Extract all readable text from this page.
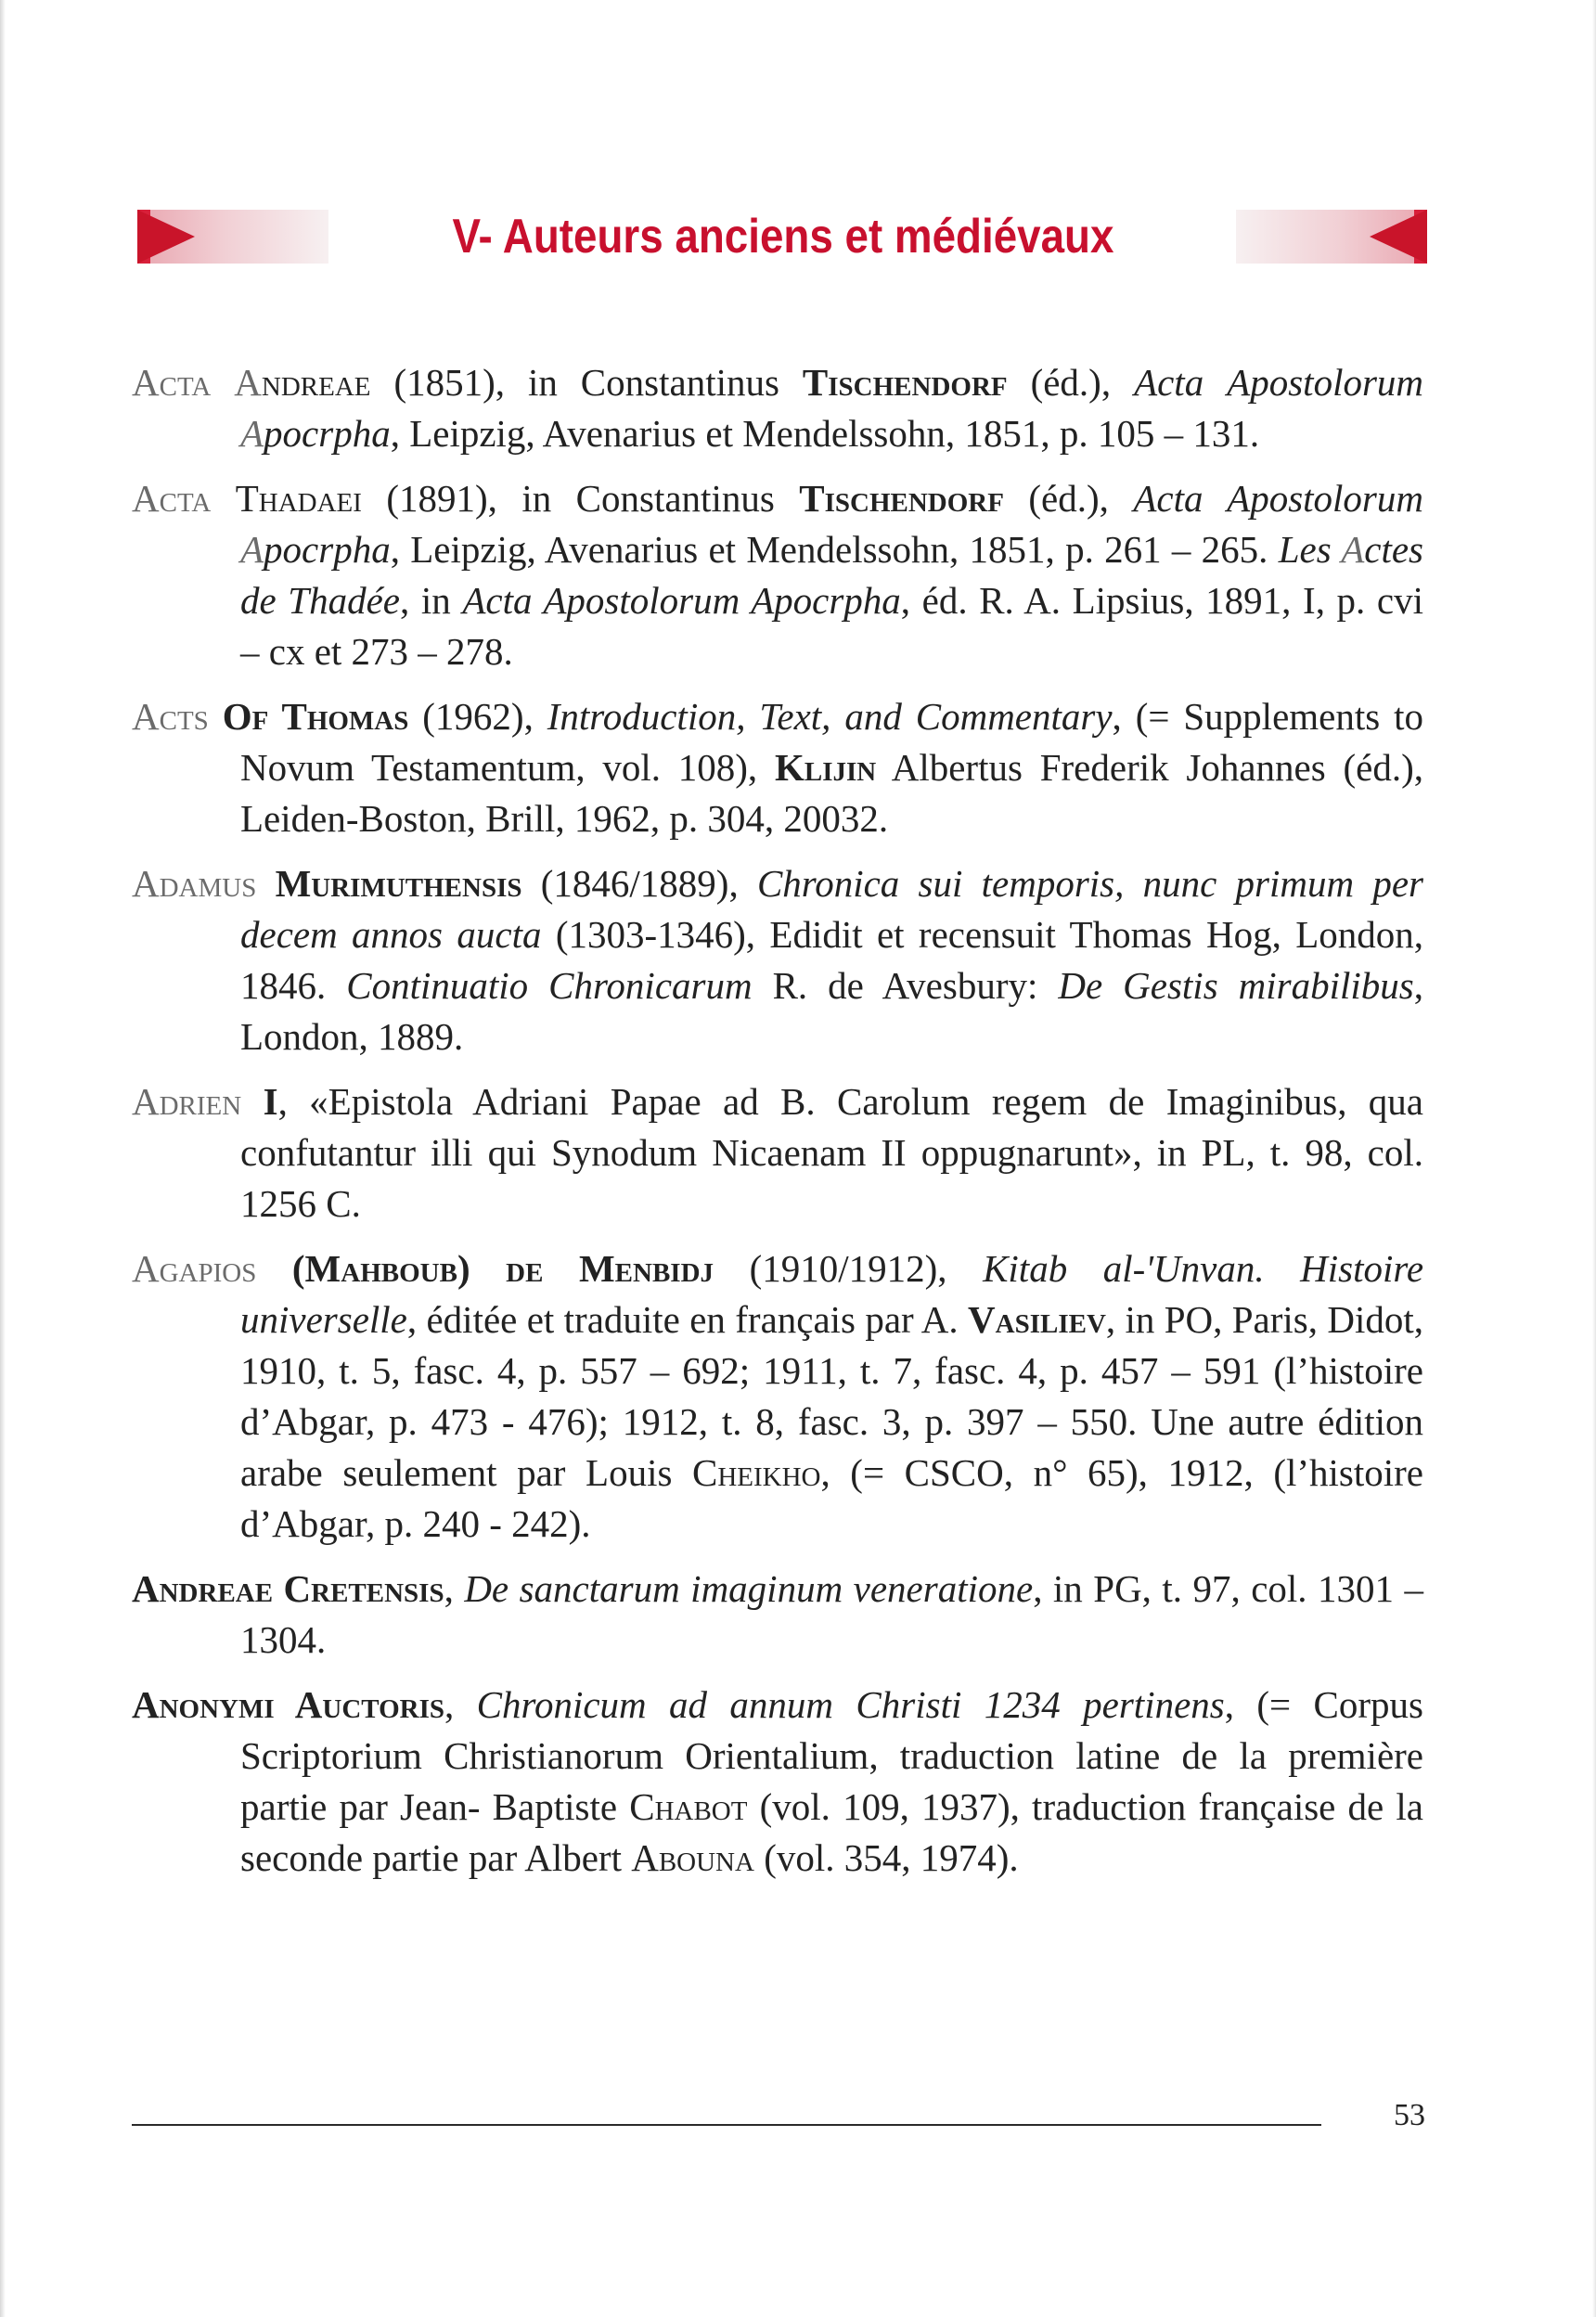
V- Auteurs anciens et médiévaux
Acta Andreae (1851), in Constantinus Tischendorf (éd.), Acta Apostolorum Apocrpha, Leipzig, Avenarius et Mendelssohn, 1851, p. 105 – 131.
Acta Thadaei (1891), in Constantinus Tischendorf (éd.), Acta Apostolorum Apocrpha, Leipzig, Avenarius et Mendelssohn, 1851, p. 261 – 265. Les Actes de Thadée, in Acta Apostolorum Apocrpha, éd. R. A. Lipsius, 1891, I, p. cvi – cx et 273 – 278.
Acts Of Thomas (1962), Introduction, Text, and Commentary, (= Supplements to Novum Testamentum, vol. 108), Klijin Albertus Frederik Johannes (éd.), Leiden-Boston, Brill, 1962, p. 304, 20032.
Adamus Murimuthensis (1846/1889), Chronica sui temporis, nunc primum per decem annos aucta (1303-1346), Edidit et recensuit Thomas Hog, London, 1846. Continuatio Chronicarum R. de Avesbury: De Gestis mirabilibus, London, 1889.
Adrien I, «Epistola Adriani Papae ad B. Carolum regem de Imaginibus, qua confutantur illi qui Synodum Nicaenam II oppugnarunt», in PL, t. 98, col. 1256 C.
Agapios (Mahboub) de Menbidj (1910/1912), Kitab al-'Unvan. Histoire universelle, éditée et traduite en français par A. Vasiliev, in PO, Paris, Didot, 1910, t. 5, fasc. 4, p. 557 – 692; 1911, t. 7, fasc. 4, p. 457 – 591 (l’histoire d’Abgar, p. 473 - 476); 1912, t. 8, fasc. 3, p. 397 – 550. Une autre édition arabe seulement par Louis Cheikho, (= CSCO, n° 65), 1912, (l’histoire d’Abgar, p. 240 - 242).
Andreae Cretensis, De sanctarum imaginum veneratione, in PG, t. 97, col. 1301 – 1304.
Anonymi Auctoris, Chronicum ad annum Christi 1234 pertinens, (= Corpus Scriptorium Christianorum Orientalium, traduction latine de la première partie par Jean- Baptiste Chabot (vol. 109, 1937), traduction française de la seconde partie par Albert Abouna (vol. 354, 1974).
53
